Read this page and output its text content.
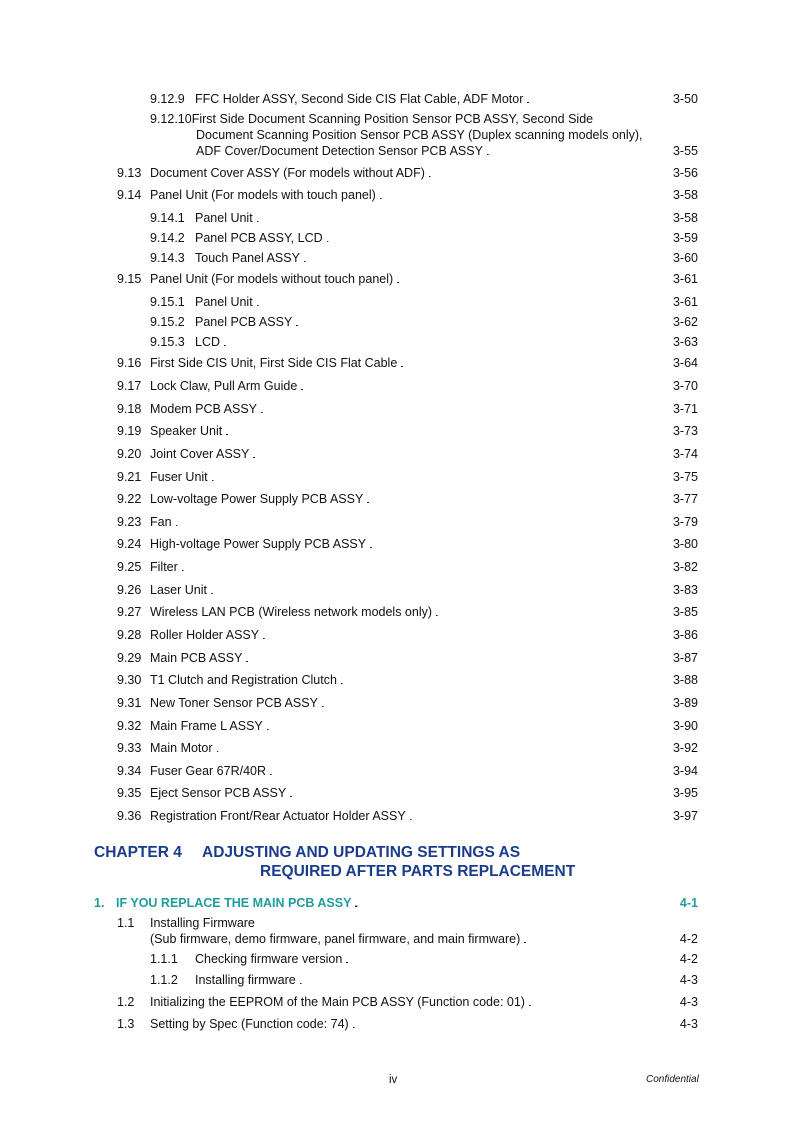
9.12.9 FFC Holder ASSY, Second Side CIS Flat Cable, ADF Motor . . .	3-50
9.12.10First Side Document Scanning Position Sensor PCB ASSY, Second Side
Document Scanning Position Sensor PCB ASSY (Duplex scanning models only),
ADF Cover/Document Detection Sensor PCB ASSY . . .	3-55
9.13 Document Cover ASSY (For models without ADF) . . .	3-56
9.14 Panel Unit (For models with touch panel) . . .	3-58
9.14.1 Panel Unit . . .	3-58
9.14.2 Panel PCB ASSY, LCD . . .	3-59
9.14.3 Touch Panel ASSY . . .	3-60
9.15 Panel Unit (For models without touch panel) . . .	3-61
9.15.1 Panel Unit . . .	3-61
9.15.2 Panel PCB ASSY . . .	3-62
9.15.3 LCD . . .	3-63
9.16 First Side CIS Unit, First Side CIS Flat Cable . . .	3-64
9.17 Lock Claw, Pull Arm Guide . . .	3-70
9.18 Modem PCB ASSY . . .	3-71
9.19 Speaker Unit . . .	3-73
9.20 Joint Cover ASSY . . .	3-74
9.21 Fuser Unit . . .	3-75
9.22 Low-voltage Power Supply PCB ASSY . . .	3-77
9.23 Fan . . .	3-79
9.24 High-voltage Power Supply PCB ASSY . . .	3-80
9.25 Filter . . .	3-82
9.26 Laser Unit . . .	3-83
9.27 Wireless LAN PCB (Wireless network models only) . . .	3-85
9.28 Roller Holder ASSY . . .	3-86
9.29 Main PCB ASSY . . .	3-87
9.30 T1 Clutch and Registration Clutch . . .	3-88
9.31 New Toner Sensor PCB ASSY . . .	3-89
9.32 Main Frame L ASSY . . .	3-90
9.33 Main Motor . . .	3-92
9.34 Fuser Gear 67R/40R . . .	3-94
9.35 Eject Sensor PCB ASSY . . .	3-95
9.36 Registration Front/Rear Actuator Holder ASSY . . .	3-97
CHAPTER 4 ADJUSTING AND UPDATING SETTINGS AS
REQUIRED AFTER PARTS REPLACEMENT
1. IF YOU REPLACE THE MAIN PCB ASSY . . .	4-1
1.1 Installing Firmware
(Sub firmware, demo firmware, panel firmware, and main firmware) . . .	4-2
1.1.1	Checking firmware version . . .	4-2
1.1.2	Installing firmware . . .	4-3
1.2	Initializing the EEPROM of the Main PCB ASSY (Function code: 01) . . .	4-3
1.3	Setting by Spec (Function code: 74) . . .	4-3
iv	Confidential
